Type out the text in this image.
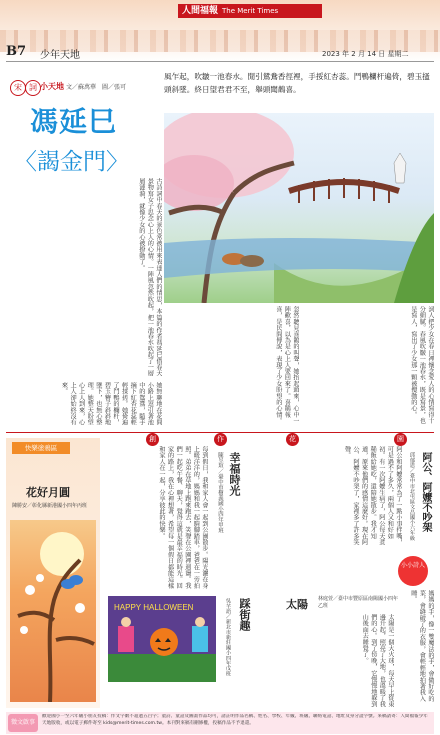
人間福報 The Merit Times
B7 少年天地	2023 年 2 月 14 日 星期二
宋 詞 小天地 文／蘇萬華　圖／張可
馮延巳
〈謁金門〉
風乍起，吹皺一池春水。閒引鴛鴦香徑裡，手挼紅杏蕊。鬥鴨欄杆遍倚，碧玉搔頭斜墜。終日望君君不至，舉頭聞鵲喜。
古詩詞中春天的景色常被用來表達人們的情思，本篇的作者馮延巳借春天景物寫女子思念心上人的心情。一陣風忽然吹起，把一池春水吹起了一層層漣漪，就像少女的心被撩動了。
她無聊地在花間小路上逗引著池中的鴛鴦，隨手摘下紅杏花蕊輕輕揉搓。她倚遍了鬥鴨的欄杆，碧玉簪子斜斜地墜下，也無心整理。她整天盼望心上人到來，心上人卻始終沒有來。	忽然聽見喜鵲的叫聲，她抬起頭來，心中一陣歡喜，以為是心上人要回來了。喜鵲報喜，是民間傳說，表現了少女盼望的心情。	詞人把少女在春日裡懷念愛人的心情寫得十分細膩。春風吹皺一池春水，既是寫景，也是寫人，寫出了少女那一顆被攪動的心。
創	作	花	園
快樂塗鴉區
花好月圓
陳勝安／彰化縣新港國小四年丙班
幸福時光
陳昱瑄／臺中市樹義國小四年甲班
每到假日，我和家人會一起到公園散步。陽光灑在身上暖洋洋的，媽媽和我一起騎腳踏車，爸爸在一旁拍照。弟弟在草地上跑來跑去，笑聲在公園裡迴盪。我們一起吃午餐、聊天，覺得這就是最幸福的時光。回家的路上，我在心裡想著，希望每一個假日都能這樣和家人在一起，分享彼此的快樂。
HAPPY HALLOWEEN	踩街趣
吳芊語／新北市新莊國小四年戊班
阿公、阿嬤不吵架
邱郁恩／臺中市北屯區文昌國小六年級
阿公和阿嬤常常為了一點小事拌嘴，可是過不了多久，兩個人又和好如初。有一次阿嬤生病了，阿公每天煮稀飯給她吃，還陪她散步。我才知道，原來他們的感情這麼好。現在阿公、阿嬤不吵架了，家裡多了許多笑聲。
小小詩人
太陽 林庭萱／臺中市豐原區南陽國小四年乙班
太陽是一個大火球，每天早上從東邊升起，照亮了大地，也溫暖了我們的心。到了傍晚，它慢慢地躲到山後面去睡覺了。	媽媽的手，像一雙魔法的手，會做好吃的菜，會縫破了的衣服，會輕輕地拍著我入睡。
徵文啟事
歡迎國小一至六年級小朋友投稿：作文字數不超過五百字；童詩、童話及圖畫作品均可，請註明作品名稱、姓名、學校、年級、班級、聯絡電話、地址及身分證字號。來稿請寄：人間福報少年天地版收，或以電子郵件寄至 kids@merit-times.com.tw。本刊對來稿有刪修權，投稿作品不予退還。
